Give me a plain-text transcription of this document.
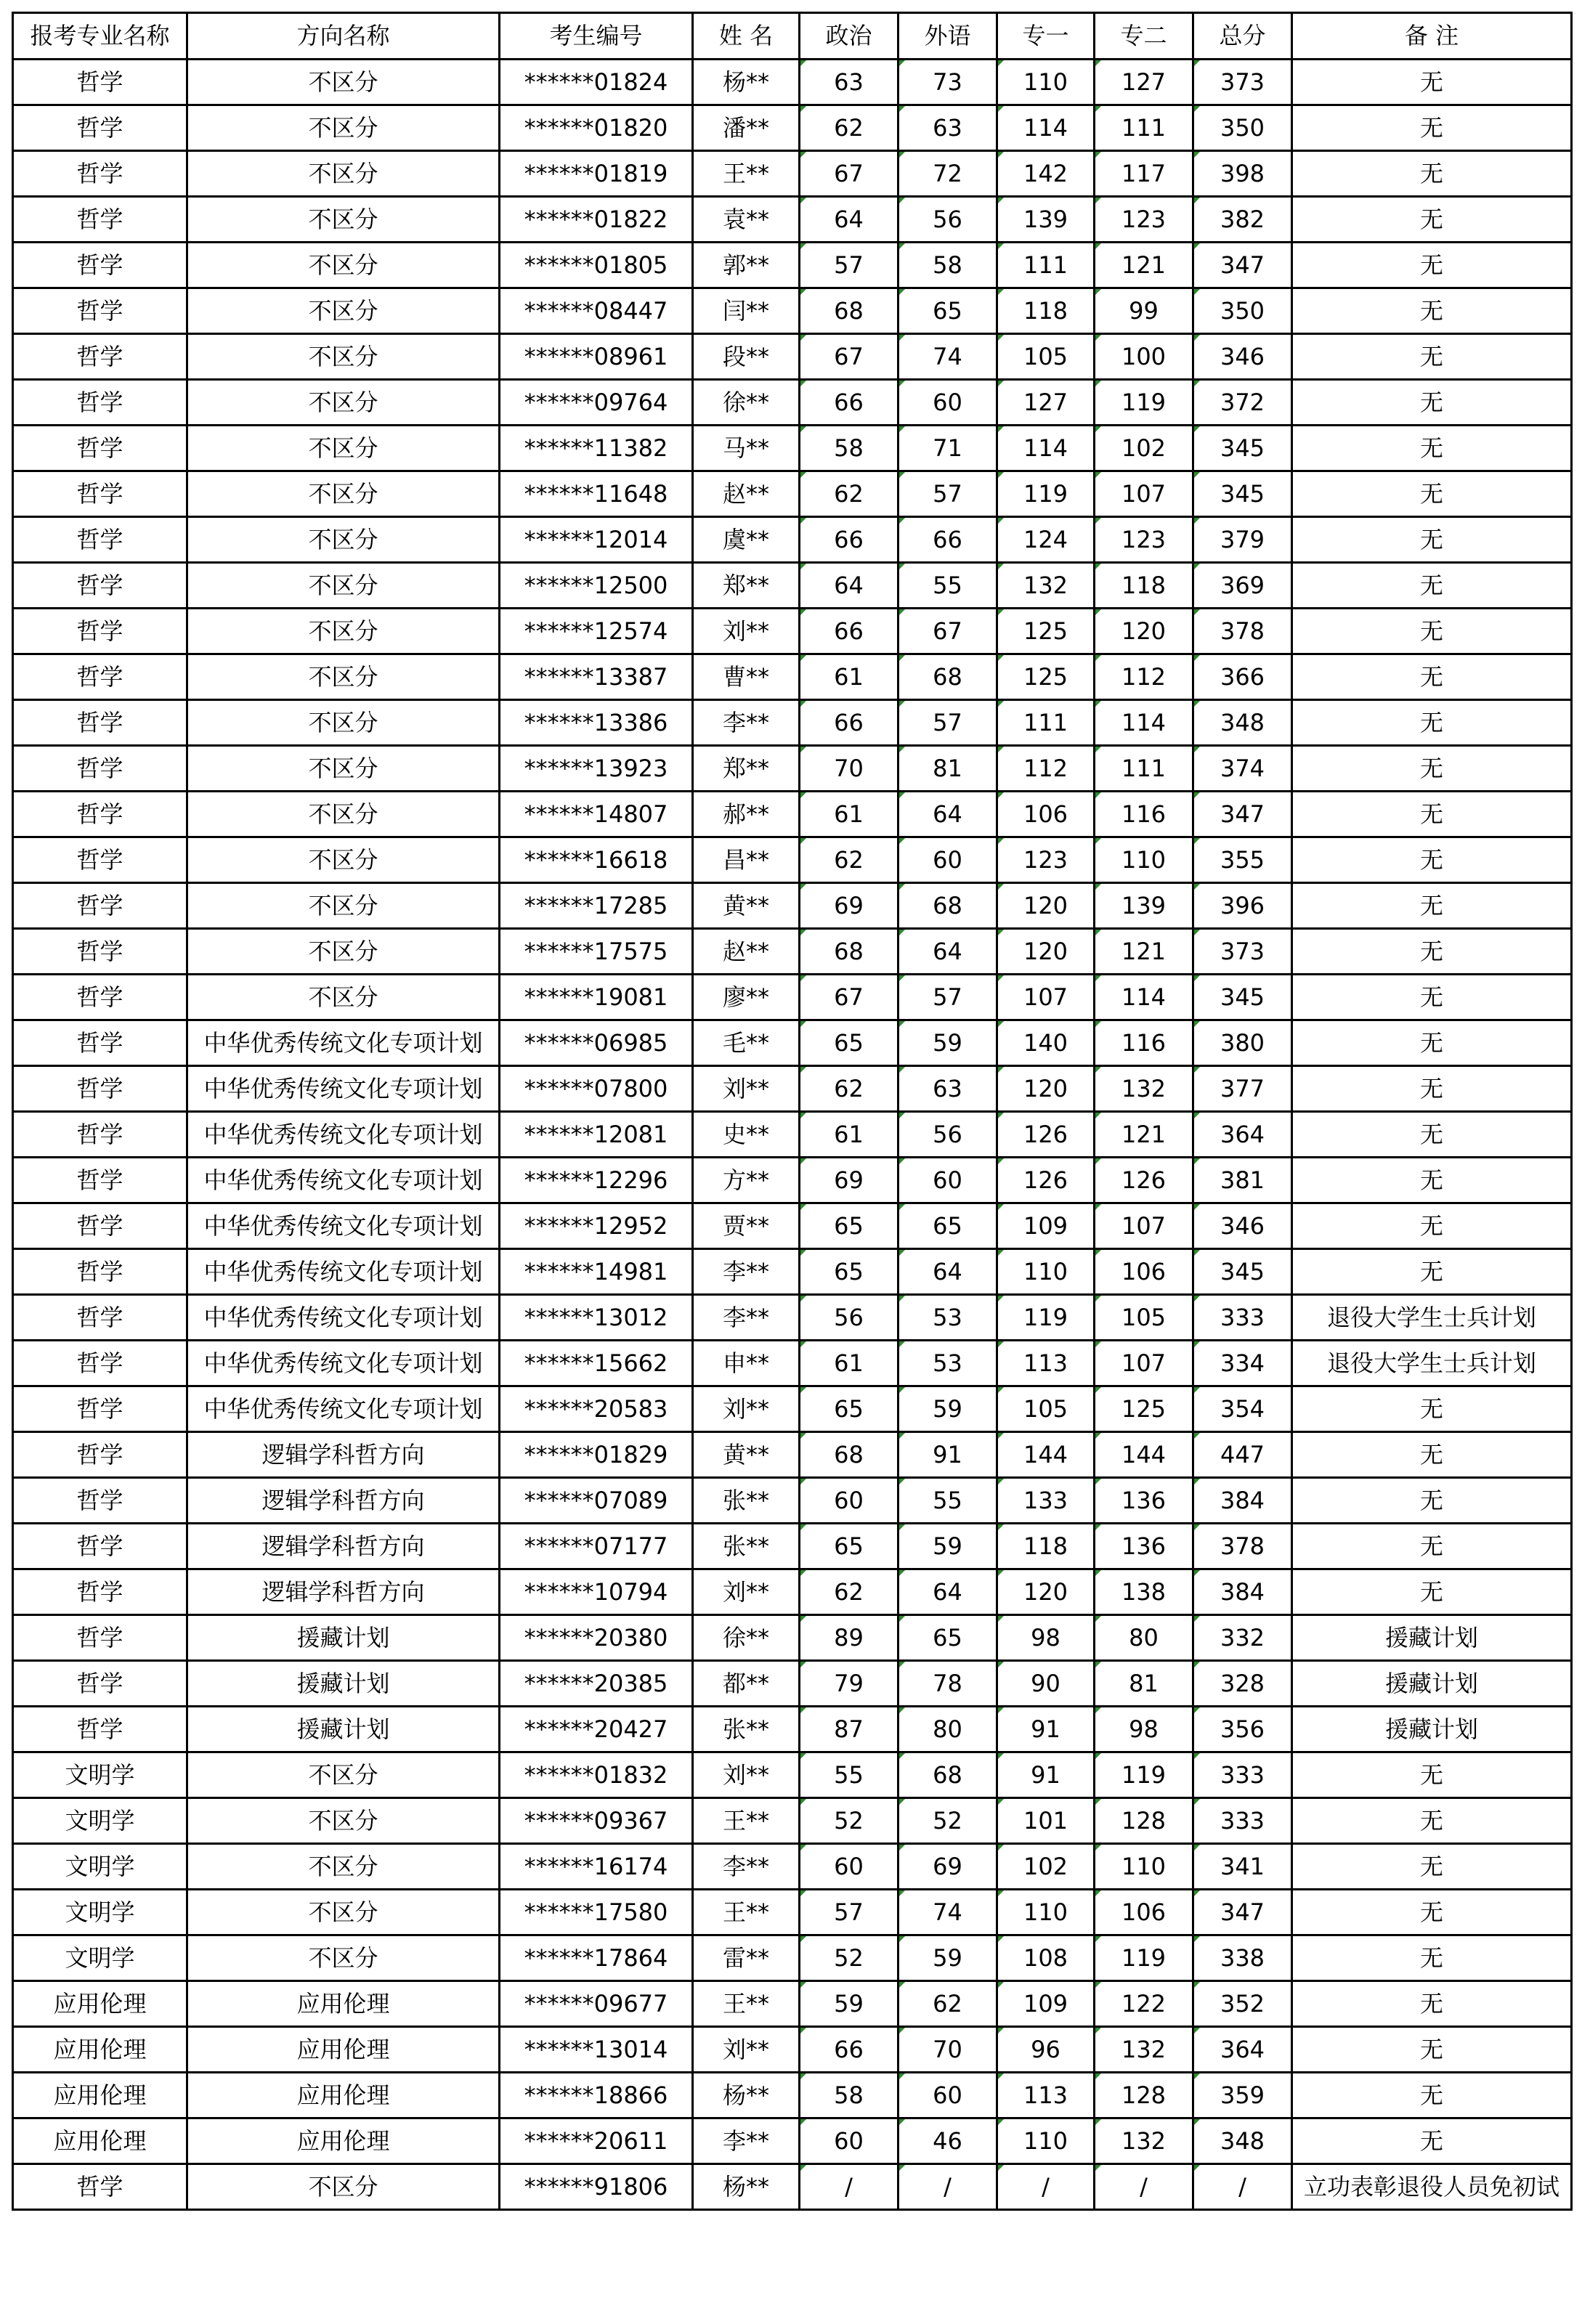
报考专业名称	方向名称	考生编号	姓 名	政治	外语	专一	专二	总分	备 注
哲学	不区分	******01824	杨**	63	73	110	127	373	无
哲学	不区分	******01820	潘**	62	63	114	111	350	无
哲学	不区分	******01819	王**	67	72	142	117	398	无
哲学	不区分	******01822	袁**	64	56	139	123	382	无
哲学	不区分	******01805	郭**	57	58	111	121	347	无
哲学	不区分	******08447	闫**	68	65	118	99	350	无
哲学	不区分	******08961	段**	67	74	105	100	346	无
哲学	不区分	******09764	徐**	66	60	127	119	372	无
哲学	不区分	******11382	马**	58	71	114	102	345	无
哲学	不区分	******11648	赵**	62	57	119	107	345	无
哲学	不区分	******12014	虞**	66	66	124	123	379	无
哲学	不区分	******12500	郑**	64	55	132	118	369	无
哲学	不区分	******12574	刘**	66	67	125	120	378	无
哲学	不区分	******13387	曹**	61	68	125	112	366	无
哲学	不区分	******13386	李**	66	57	111	114	348	无
哲学	不区分	******13923	郑**	70	81	112	111	374	无
哲学	不区分	******14807	郝**	61	64	106	116	347	无
哲学	不区分	******16618	昌**	62	60	123	110	355	无
哲学	不区分	******17285	黄**	69	68	120	139	396	无
哲学	不区分	******17575	赵**	68	64	120	121	373	无
哲学	不区分	******19081	廖**	67	57	107	114	345	无
哲学	中华优秀传统文化专项计划	******06985	毛**	65	59	140	116	380	无
哲学	中华优秀传统文化专项计划	******07800	刘**	62	63	120	132	377	无
哲学	中华优秀传统文化专项计划	******12081	史**	61	56	126	121	364	无
哲学	中华优秀传统文化专项计划	******12296	方**	69	60	126	126	381	无
哲学	中华优秀传统文化专项计划	******12952	贾**	65	65	109	107	346	无
哲学	中华优秀传统文化专项计划	******14981	李**	65	64	110	106	345	无
哲学	中华优秀传统文化专项计划	******13012	李**	56	53	119	105	333	退役大学生士兵计划
哲学	中华优秀传统文化专项计划	******15662	申**	61	53	113	107	334	退役大学生士兵计划
哲学	中华优秀传统文化专项计划	******20583	刘**	65	59	105	125	354	无
哲学	逻辑学科哲方向	******01829	黄**	68	91	144	144	447	无
哲学	逻辑学科哲方向	******07089	张**	60	55	133	136	384	无
哲学	逻辑学科哲方向	******07177	张**	65	59	118	136	378	无
哲学	逻辑学科哲方向	******10794	刘**	62	64	120	138	384	无
哲学	援藏计划	******20380	徐**	89	65	98	80	332	援藏计划
哲学	援藏计划	******20385	都**	79	78	90	81	328	援藏计划
哲学	援藏计划	******20427	张**	87	80	91	98	356	援藏计划
文明学	不区分	******01832	刘**	55	68	91	119	333	无
文明学	不区分	******09367	王**	52	52	101	128	333	无
文明学	不区分	******16174	李**	60	69	102	110	341	无
文明学	不区分	******17580	王**	57	74	110	106	347	无
文明学	不区分	******17864	雷**	52	59	108	119	338	无
应用伦理	应用伦理	******09677	王**	59	62	109	122	352	无
应用伦理	应用伦理	******13014	刘**	66	70	96	132	364	无
应用伦理	应用伦理	******18866	杨**	58	60	113	128	359	无
应用伦理	应用伦理	******20611	李**	60	46	110	132	348	无
哲学	不区分	******91806	杨**	/	/	/	/	/	立功表彰退役人员免初试
